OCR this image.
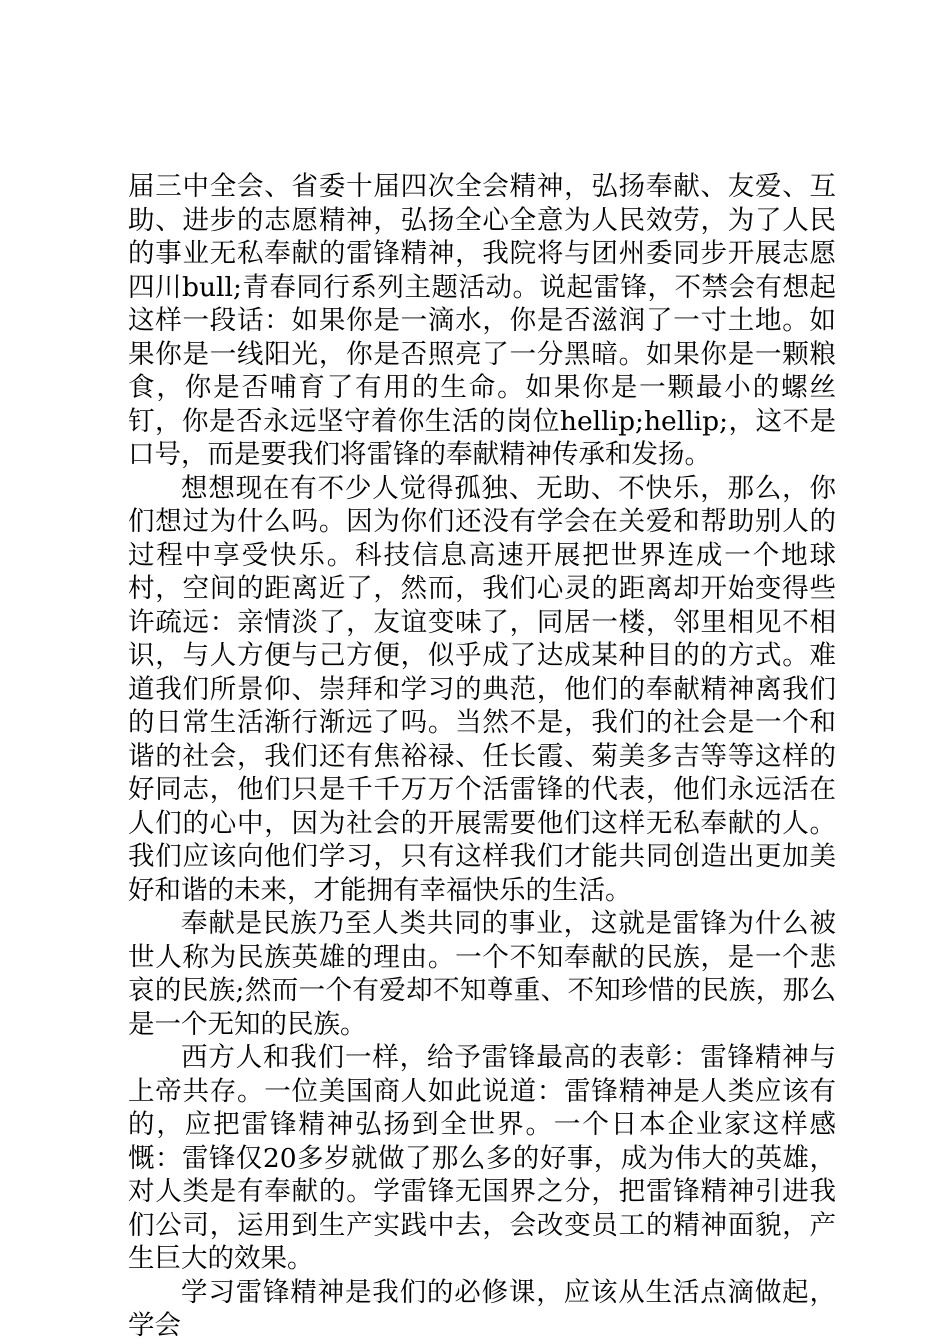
届三中全会、省委十届四次全会精神，弘扬奉献、友爱、互助、进步的志愿精神，弘扬全心全意为人民效劳，为了人民的事业无私奉献的雷锋精神，我院将与团州委同步开展志愿四川bull;青春同行系列主题活动。说起雷锋，不禁会有想起这样一段话：如果你是一滴水，你是否滋润了一寸土地。如果你是一线阳光，你是否照亮了一分黑暗。如果你是一颗粮食，你是否哺育了有用的生命。如果你是一颗最小的螺丝钉，你是否永远坚守着你生活的岗位hellip;hellip;，这不是口号，而是要我们将雷锋的奉献精神传承和发扬。

想想现在有不少人觉得孤独、无助、不快乐，那么，你们想过为什么吗。因为你们还没有学会在关爱和帮助别人的过程中享受快乐。科技信息高速开展把世界连成一个地球村，空间的距离近了，然而，我们心灵的距离却开始变得些许疏远：亲情淡了，友谊变味了，同居一楼，邻里相见不相识，与人方便与己方便，似乎成了达成某种目的的方式。难道我们所景仰、崇拜和学习的典范，他们的奉献精神离我们的日常生活渐行渐远了吗。当然不是，我们的社会是一个和谐的社会，我们还有焦裕禄、任长霞、菊美多吉等等这样的好同志，他们只是千千万万个活雷锋的代表，他们永远活在人们的心中，因为社会的开展需要他们这样无私奉献的人。我们应该向他们学习，只有这样我们才能共同创造出更加美好和谐的未来，才能拥有幸福快乐的生活。

奉献是民族乃至人类共同的事业，这就是雷锋为什么被世人称为民族英雄的理由。一个不知奉献的民族，是一个悲哀的民族;然而一个有爱却不知尊重、不知珍惜的民族，那么是一个无知的民族。

西方人和我们一样，给予雷锋最高的表彰：雷锋精神与上帝共存。一位美国商人如此说道：雷锋精神是人类应该有的，应把雷锋精神弘扬到全世界。一个日本企业家这样感慨：雷锋仅20多岁就做了那么多的好事，成为伟大的英雄，对人类是有奉献的。学雷锋无国界之分，把雷锋精神引进我们公司，运用到生产实践中去，会改变员工的精神面貌，产生巨大的效果。

学习雷锋精神是我们的必修课，应该从生活点滴做起，学会
